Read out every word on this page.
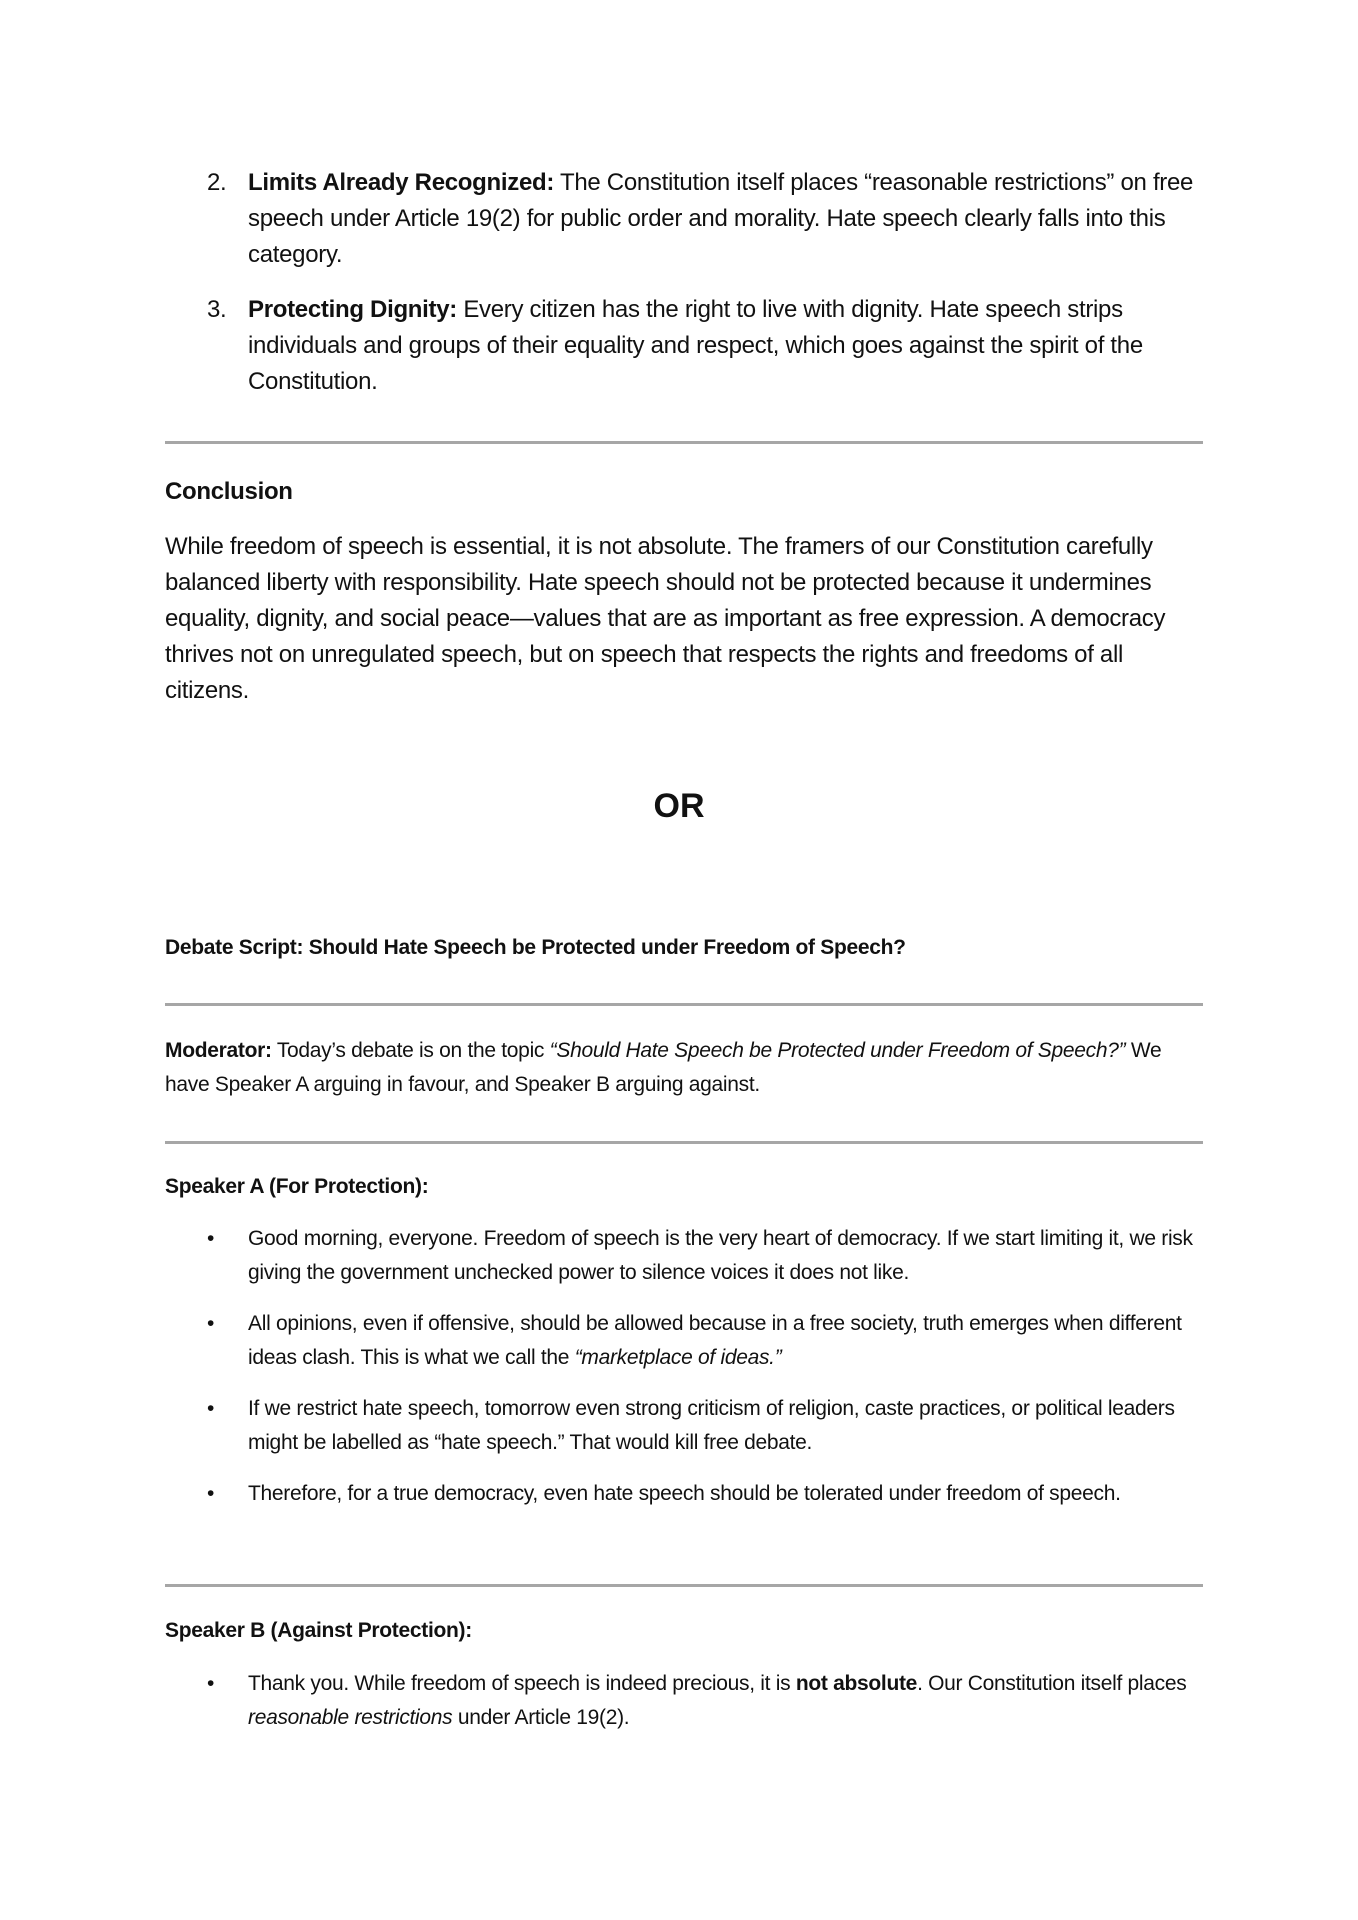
2. Limits Already Recognized: The Constitution itself places “reasonable restrictions” on free speech under Article 19(2) for public order and morality. Hate speech clearly falls into this category.
3. Protecting Dignity: Every citizen has the right to live with dignity. Hate speech strips individuals and groups of their equality and respect, which goes against the spirit of the Constitution.
Conclusion
While freedom of speech is essential, it is not absolute. The framers of our Constitution carefully balanced liberty with responsibility. Hate speech should not be protected because it undermines equality, dignity, and social peace—values that are as important as free expression. A democracy thrives not on unregulated speech, but on speech that respects the rights and freedoms of all citizens.
OR
Debate Script: Should Hate Speech be Protected under Freedom of Speech?
Moderator: Today’s debate is on the topic “Should Hate Speech be Protected under Freedom of Speech?” We have Speaker A arguing in favour, and Speaker B arguing against.
Speaker A (For Protection):
• Good morning, everyone. Freedom of speech is the very heart of democracy. If we start limiting it, we risk giving the government unchecked power to silence voices it does not like.
• All opinions, even if offensive, should be allowed because in a free society, truth emerges when different ideas clash. This is what we call the “marketplace of ideas.”
• If we restrict hate speech, tomorrow even strong criticism of religion, caste practices, or political leaders might be labelled as “hate speech.” That would kill free debate.
• Therefore, for a true democracy, even hate speech should be tolerated under freedom of speech.
Speaker B (Against Protection):
• Thank you. While freedom of speech is indeed precious, it is not absolute. Our Constitution itself places reasonable restrictions under Article 19(2).
